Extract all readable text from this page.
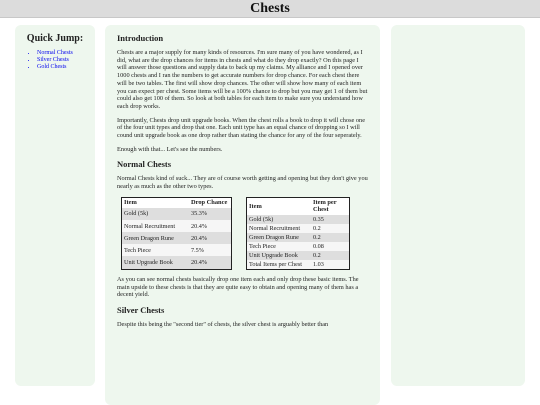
Chests
Quick Jump:
• Normal Chests
• Silver Chests
• Gold Chests
Introduction

Chests are a major supply for many kinds of resources. I'm sure many of you have wondered, as I did, what are the drop chances for items in chests and what do they drop exactly? On this page I will answer those questions and supply data to back up my claims. My alliance and I opened over 1000 chests and I ran the numbers to get accurate numbers for drop chance. For each chest there will be two tables. The first will show drop chances. The other will show how many of each item you can expect per chest. Some items will be a 100% chance to drop but you may get 1 of them but could also get 100 of them. So look at both tables for each item to make sure you understand how each drop works.

Importantly, Chests drop unit upgrade books. When the chest rolls a book to drop it will chose one of the four unit types and drop that one. Each unit type has an equal chance of dropping so I will cound unit upgrade book as one drop rather than stating the chance for any of the four seperately.

Enough with that... Let's see the numbers.

Normal Chests

Normal Chests kind of suck... They are of course worth getting and opening but they don't give you nearly as much as the other two types.

Item	Drop Chance
Gold (5k)	35.3%
Normal Recruitment	20.4%
Green Dragon Rune	20.4%
Tech Piece	7.5%
Unit Upgrade Book	20.4%
Item	Item per Chest
Gold (5k)	0.35
Normal Recruitment	0.2
Green Dragon Rune	0.2
Tech Piece	0.08
Unit Upgrade Book	0.2
Total Items per Chest	1.03

As you can see normal chests basically drop one item each and only drop these basic items. The main upside to these chests is that they are quite easy to obtain and opening many of them has a decent yield.

Silver Chests

Despite this being the "second tier" of chests, the silver chest is arguably better than
